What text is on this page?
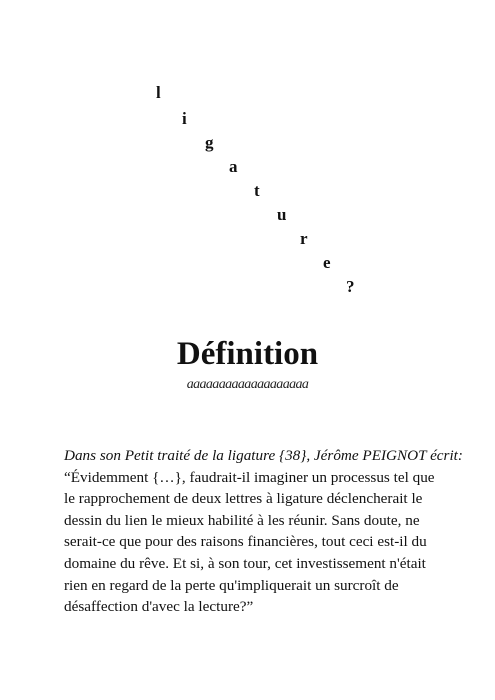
l
i
g
a
t
u
r
e
?
Définition
aaaaaaaaaaaaaaaaaaa
Dans son Petit traité de la ligature {38}, Jérôme PEIGNOT écrit:
“Évidemment {…}, faudrait-il imaginer un processus tel que
le rapprochement de deux lettres à ligature déclencherait le
dessin du lien le mieux habilité à les réunir. Sans doute, ne
serait-ce que pour des raisons financières, tout ceci est-il du
domaine du rêve. Et si, à son tour, cet investissement n'était
rien en regard de la perte qu'impliquerait un surcroît de
désaffection d'avec la lecture?”
